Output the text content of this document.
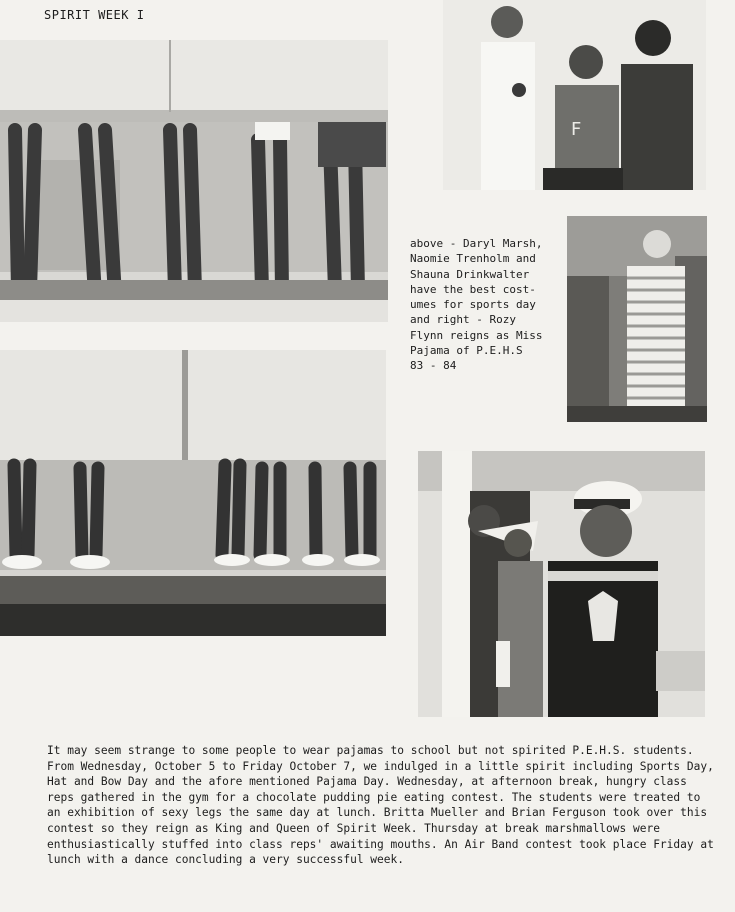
SPIRIT WEEK I
F
above - Daryl Marsh,
Naomie Trenholm and
Shauna Drinkwalter
have the best cost-
umes for sports day
and right - Rozy
Flynn reigns as Miss
Pajama of P.E.H.S
83 - 84
It may seem strange to some people to wear pajamas to school but not spirited P.E.H.S. students. From Wednesday, October 5 to Friday October 7, we indulged in a little spirit including Sports Day, Hat and Bow Day and the afore mentioned Pajama Day. Wednesday, at afternoon break, hungry class reps gathered in the gym for a chocolate pudding pie eating contest. The students were treated to an exhibition of sexy legs the same day at lunch. Britta Mueller and Brian Ferguson took over this contest so they reign as King and Queen of Spirit Week. Thursday at break marshmallows were enthusiastically stuffed into class reps' awaiting mouths. An Air Band contest took place Friday at lunch with a dance concluding a very successful week.
